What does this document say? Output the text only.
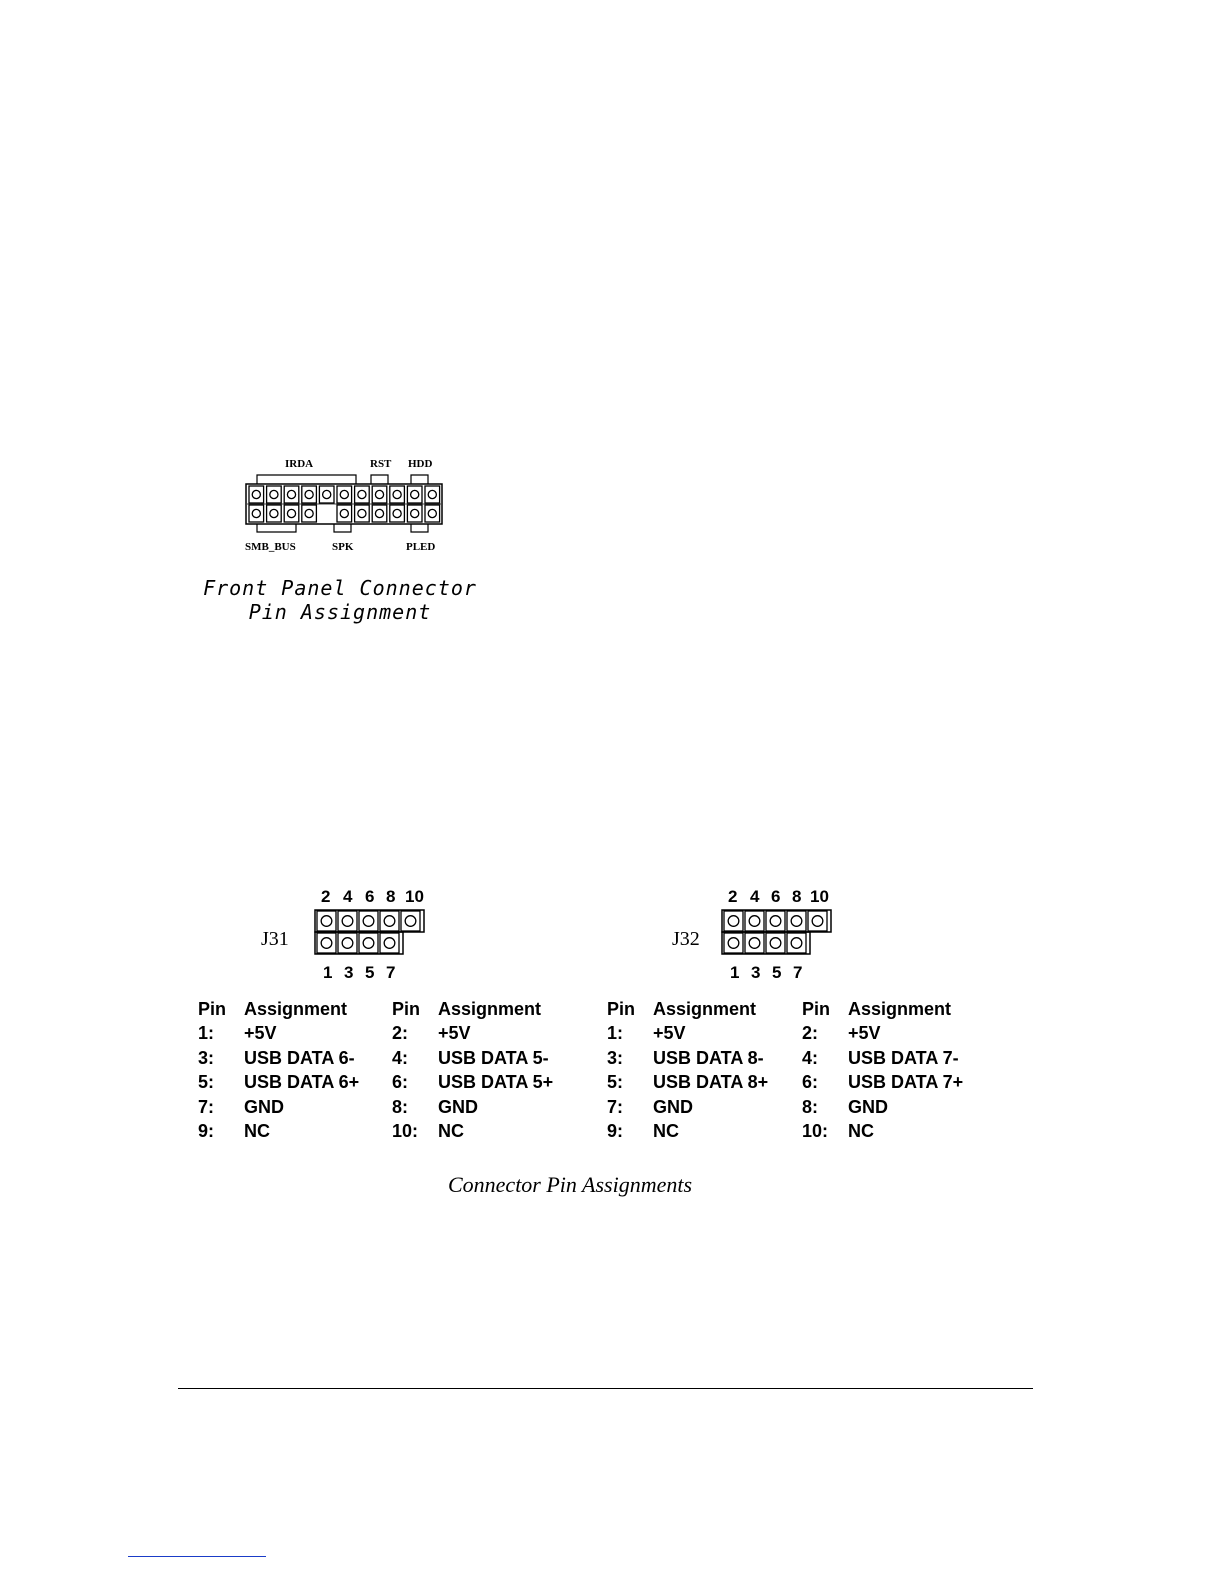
IRDA	RST HDD
SMB_BUS	SPK	PLED
Front Panel Connector
Pin Assignment
J31
2 4 6 8 10
1 3 5 7
J32
2 4 6 8 10
1 3 5 7
Pin	Assignment
1:	+5V
3:	USB DATA 6-
5:	USB DATA 6+
7:	GND
9:	NC
Pin	Assignment
2:	+5V
4:	USB DATA 5-
6:	USB DATA 5+
8:	GND
10:	NC
Pin	Assignment
1:	+5V
3:	USB DATA 8-
5:	USB DATA 8+
7:	GND
9:	NC
Pin	Assignment
2:	+5V
4:	USB DATA 7-
6:	USB DATA 7+
8:	GND
10:	NC
Connector Pin Assignments
